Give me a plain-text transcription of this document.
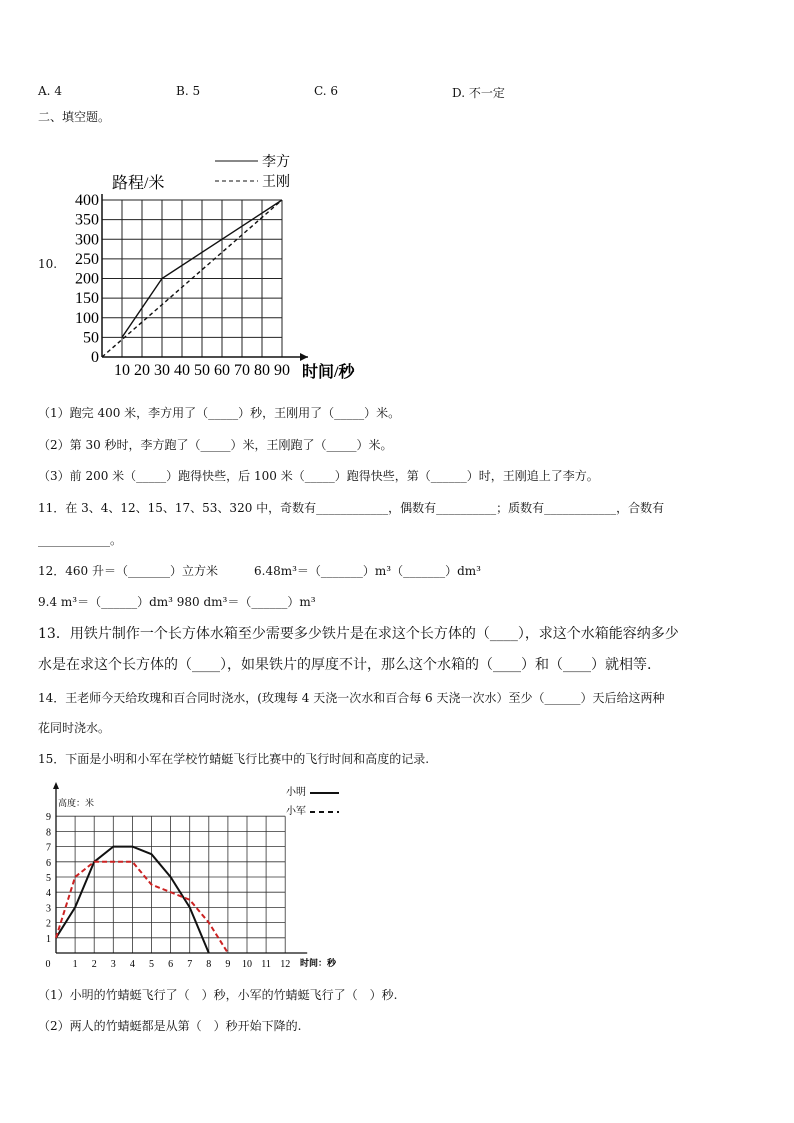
A. 4	B. 5	C. 6	D. 不一定
二、填空题。
10.
0
50
100
150
200
250
300
350
400
10 20 30 40 50 60 70 80 90
路程/米
时间/秒
李方
王刚
（1）跑完 400 米，李方用了（_____）秒，王刚用了（_____）米。
（2）第 30 秒时，李方跑了（_____）米，王刚跑了（_____）米。
（3）前 200 米（_____）跑得快些，后 100 米（_____）跑得快些，第（______）时，王刚追上了李方。
11．在 3、4、12、15、17、53、320 中，奇数有____________，偶数有__________；质数有____________，合数有
____________。
12．460 升＝（_______）立方米　　　6.48m³＝（_______）m³（_______）dm³
9.4 m³＝（______）dm³ 980 dm³＝（______）m³
13．用铁片制作一个长方体水箱至少需要多少铁片是在求这个长方体的（____），求这个水箱能容纳多少
水是在求这个长方体的（____），如果铁片的厚度不计，那么这个水箱的（____）和（____）就相等.
14．王老师今天给玫瑰和百合同时浇水，(玫瑰每 4 天浇一次水和百合每 6 天浇一次水）至少（______）天后给这两种
花同时浇水。
15．下面是小明和小军在学校竹蜻蜓飞行比赛中的飞行时间和高度的记录.
1
2
3
4
5
6
7
8
9
0 1 2 3 4 5 6 7 8 9 10 11 12
高度：米
时间：秒
小明
小军
（1）小明的竹蜻蜓飞行了（　）秒，小军的竹蜻蜓飞行了（　）秒.
（2）两人的竹蜻蜓都是从第（　）秒开始下降的.
